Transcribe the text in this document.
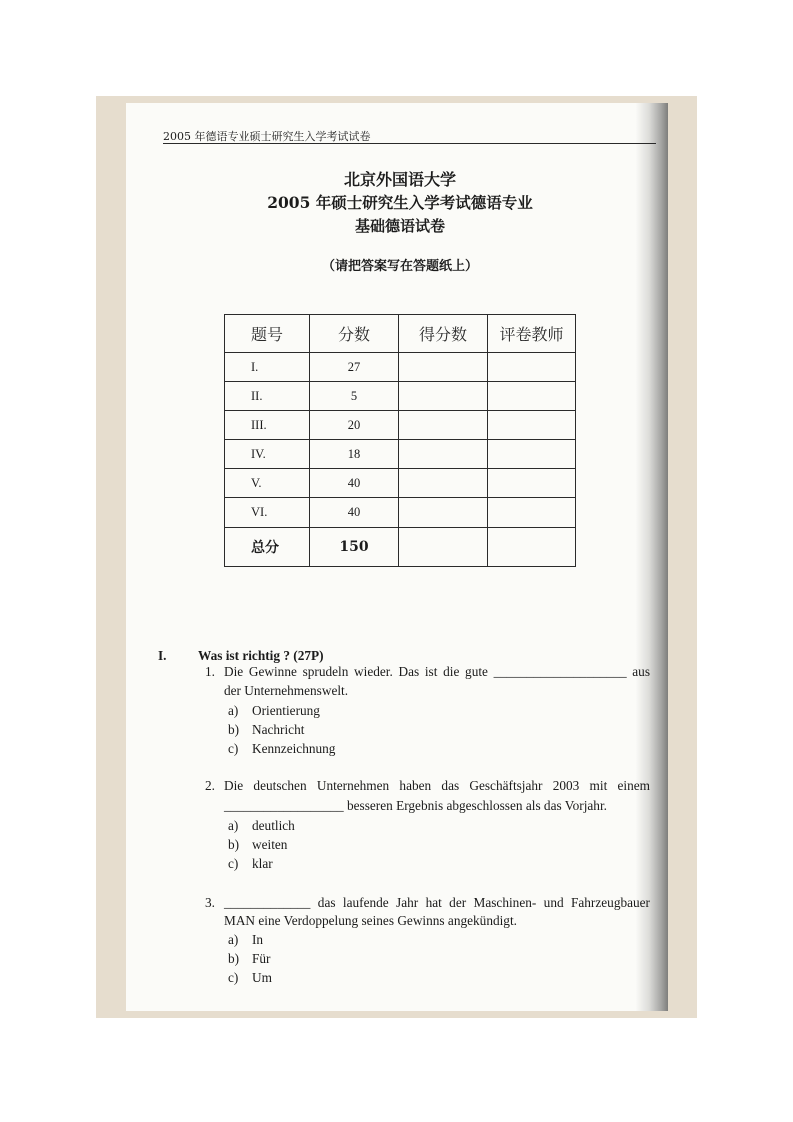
2005 年德语专业硕士研究生入学考试试卷
北京外国语大学
2005 年硕士研究生入学考试德语专业
基础德语试卷
（请把答案写在答题纸上）
题号	分数	得分数	评卷教师
I.	27		
II.	5		
III.	20		
IV.	18		
V.	40		
VI.	40		
总分	150		
I. Was ist richtig ? (27P)
1. Die Gewinne sprudeln wieder. Das ist die gute ____________________ aus
der Unternehmenswelt.
a) Orientierung
b) Nachricht
c) Kennzeichnung
2. Die deutschen Unternehmen haben das Geschäftsjahr 2003 mit einem
__________________ besseren Ergebnis abgeschlossen als das Vorjahr.
a) deutlich
b) weiten
c) klar
3. _____________ das laufende Jahr hat der Maschinen- und Fahrzeugbauer
MAN eine Verdoppelung seines Gewinns angekündigt.
a) In
b) Für
c) Um
